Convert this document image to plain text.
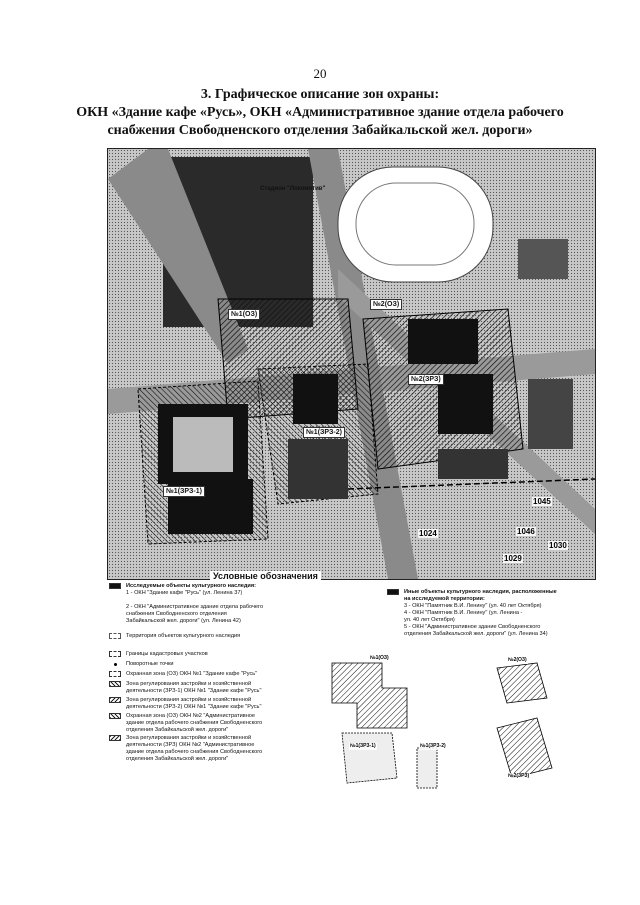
20
3. Графическое описание зон охраны:
ОКН «Здание кафе «Русь», ОКН «Административное здание отдела рабочего
снабжения Свободненского отделения Забайкальской жел. дороги»
Стадион "Локомотив"
№1(ОЗ)
№2(ОЗ)
№2(ЗРЗ)
№1(ЗРЗ-2)
№1(ЗРЗ-1)
1045
1046
1030
1029
1024
Условные обозначения
Исследуемые объекты культурного наследия:
1 - ОКН "Здание кафе "Русь" (ул. Ленина 37)
2 - ОКН "Административное здание отдела рабочего
снабжения Свободненского отделения
Забайкальской жел. дороги" (ул. Ленина 42)
Территория объектов культурного наследия
Границы кадастровых участков
Поворотные точки
Охранная зона (ОЗ) ОКН №1 "Здание кафе "Русь"
Зона регулирования застройки и хозяйственной
деятельности (ЗРЗ-1) ОКН №1 "Здание кафе "Русь"
Зона регулирования застройки и хозяйственной
деятельности (ЗРЗ-2) ОКН №1 "Здание кафе "Русь"
Охранная зона (ОЗ) ОКН №2 "Административное
здание отдела рабочего снабжения Свободненского
отделения Забайкальской жел. дороги"
Зона регулирования застройки и хозяйственной
деятельности (ЗРЗ) ОКН №2 "Административное
здание отдела рабочего снабжения Свободненского
отделения Забайкальской жел. дороги"
Иные объекты культурного наследия, расположенные
на исследуемой территории:
3 - ОКН "Памятник В.И. Ленину" (ул. 40 лет Октября)
4 - ОКН "Памятник В.И. Ленину" (ул. Ленина -
ул. 40 лет Октября)
5 - ОКН "Административное здание Свободненского
отделения Забайкальской жел. дороги" (ул. Ленина 34)
№1(ОЗ)	№2(ОЗ)
№1(ЗРЗ-1)	№1(ЗРЗ-2)
№2(ЗРЗ)
